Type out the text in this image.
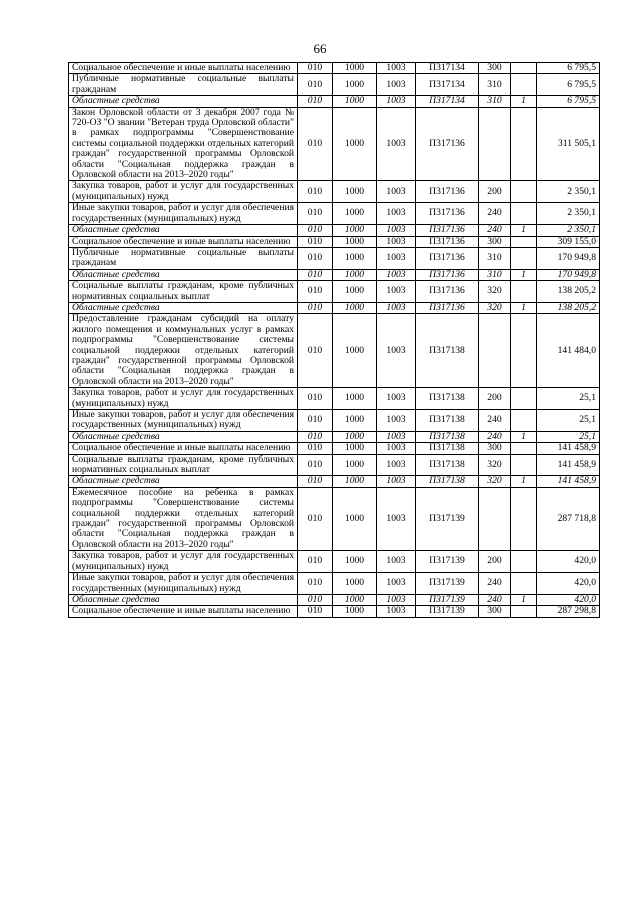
66
Социальное обеспечение и иные выплаты населению	010	1000	1003	П317134	300		6 795,5
Публичные нормативные социальные выплаты гражданам	010	1000	1003	П317134	310		6 795,5
Областные средства	010	1000	1003	П317134	310	1	6 795,5
Закон Орловской области от 3 декабря 2007 года № 720-ОЗ "О звании "Ветеран труда Орловской области" в рамках подпрограммы "Совершенствование системы социальной поддержки отдельных категорий граждан" государственной программы Орловской области "Социальная поддержка граждан в Орловской области на 2013–2020 годы"	010	1000	1003	П317136			311 505,1
Закупка товаров, работ и услуг для государственных (муниципальных) нужд	010	1000	1003	П317136	200		2 350,1
Иные закупки товаров, работ и услуг для обеспечения государственных (муниципальных) нужд	010	1000	1003	П317136	240		2 350,1
Областные средства	010	1000	1003	П317136	240	1	2 350,1
Социальное обеспечение и иные выплаты населению	010	1000	1003	П317136	300		309 155,0
Публичные нормативные социальные выплаты гражданам	010	1000	1003	П317136	310		170 949,8
Областные средства	010	1000	1003	П317136	310	1	170 949,8
Социальные выплаты гражданам, кроме публичных нормативных социальных выплат	010	1000	1003	П317136	320		138 205,2
Областные средства	010	1000	1003	П317136	320	1	138 205,2
Предоставление гражданам субсидий на оплату жилого помещения и коммунальных услуг в рамках подпрограммы "Совершенствование системы социальной поддержки отдельных категорий граждан" государственной программы Орловской области "Социальная поддержка граждан в Орловской области на 2013–2020 годы"	010	1000	1003	П317138			141 484,0
Закупка товаров, работ и услуг для государственных (муниципальных) нужд	010	1000	1003	П317138	200		25,1
Иные закупки товаров, работ и услуг для обеспечения государственных (муниципальных) нужд	010	1000	1003	П317138	240		25,1
Областные средства	010	1000	1003	П317138	240	1	25,1
Социальное обеспечение и иные выплаты населению	010	1000	1003	П317138	300		141 458,9
Социальные выплаты гражданам, кроме публичных нормативных социальных выплат	010	1000	1003	П317138	320		141 458,9
Областные средства	010	1000	1003	П317138	320	1	141 458,9
Ежемесячное пособие на ребенка в рамках подпрограммы "Совершенствование системы социальной поддержки отдельных категорий граждан" государственной программы Орловской области "Социальная поддержка граждан в Орловской области на 2013–2020 годы"	010	1000	1003	П317139			287 718,8
Закупка товаров, работ и услуг для государственных (муниципальных) нужд	010	1000	1003	П317139	200		420,0
Иные закупки товаров, работ и услуг для обеспечения государственных (муниципальных) нужд	010	1000	1003	П317139	240		420,0
Областные средства	010	1000	1003	П317139	240	1	420,0
Социальное обеспечение и иные выплаты населению	010	1000	1003	П317139	300		287 298,8
